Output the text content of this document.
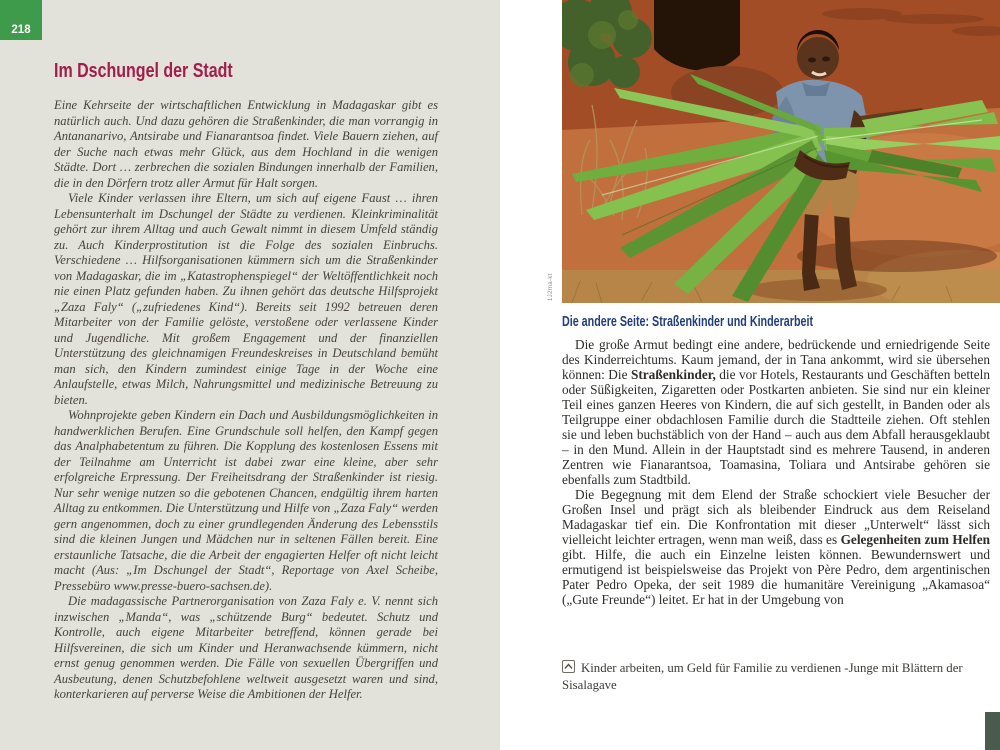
218
Im Dschungel der Stadt

Eine Kehrseite der wirtschaftlichen Entwicklung in Madagaskar gibt es natürlich auch. Und dazu gehören die Straßenkinder, die man vorrangig in Antananarivo, Antsirabe und Fianarantsoa findet. Viele Bauern ziehen, auf der Suche nach etwas mehr Glück, aus dem Hochland in die wenigen Städte. Dort … zerbrechen die sozialen Bindungen innerhalb der Familien, die in den Dörfern trotz aller Armut für Halt sorgen.

Viele Kinder verlassen ihre Eltern, um sich auf eigene Faust … ihren Lebensunterhalt im Dschungel der Städte zu verdienen. Kleinkriminalität gehört zur ihrem Alltag und auch Gewalt nimmt in diesem Umfeld ständig zu. Auch Kinderprostitution ist die Folge des sozialen Einbruchs. Verschiedene … Hilfsorganisationen kümmern sich um die Straßenkinder von Madagaskar, die im „Katastrophenspiegel“ der Weltöffentlichkeit noch nie einen Platz gefunden haben. Zu ihnen gehört das deutsche Hilfsprojekt „Zaza Faly“ („zufriedenes Kind“). Bereits seit 1992 betreuen deren Mitarbeiter von der Familie gelöste, verstoßene oder verlassene Kinder und Jugendliche. Mit großem Engagement und der finanziellen Unterstützung des gleichnamigen Freundeskreises in Deutschland bemüht man sich, den Kindern zumindest einige Tage in der Woche eine Anlaufstelle, etwas Milch, Nahrungsmittel und medizinische Betreuung zu bieten.

Wohnprojekte geben Kindern ein Dach und Ausbildungsmöglichkeiten in handwerklichen Berufen. Eine Grundschule soll helfen, den Kampf gegen das Analphabetentum zu führen. Die Kopplung des kostenlosen Essens mit der Teilnahme am Unterricht ist dabei zwar eine kleine, aber sehr erfolgreiche Erpressung. Der Freiheitsdrang der Straßenkinder ist riesig. Nur sehr wenige nutzen so die gebotenen Chancen, endgültig ihrem harten Alltag zu entkommen. Die Unterstützung und Hilfe von „Zaza Faly“ werden gern angenommen, doch zu einer grundlegenden Änderung des Lebensstils sind die kleinen Jungen und Mädchen nur in seltenen Fällen bereit. Eine erstaunliche Tatsache, die die Arbeit der engagierten Helfer oft nicht leicht macht (Aus: „Im Dschungel der Stadt“, Reportage von Axel Scheibe, Pressebüro www.presse-buero-sachsen.de).

Die madagassische Partnerorganisation von Zaza Faly e. V. nennt sich inzwischen „Manda“, was „schützende Burg“ bedeutet. Schutz und Kontrolle, auch eigene Mitarbeiter betreffend, können gerade bei Hilfsvereinen, die sich um Kinder und Heranwachsende kümmern, nicht ernst genug genommen werden. Die Fälle von sexuellen Übergriffen und Ausbeutung, denen Schutzbefohlene weltweit ausgesetzt waren und sind, konterkarieren auf perverse Weise die Ambitionen der Helfer.

1J2ma-kt
Die andere Seite: Straßenkinder und Kinderarbeit

Die große Armut bedingt eine andere, bedrückende und erniedrigende Seite des Kinderreichtums. Kaum jemand, der in Tana ankommt, wird sie übersehen können: Die Straßenkinder, die vor Hotels, Restaurants und Geschäften betteln oder Süßigkeiten, Zigaretten oder Postkarten anbieten. Sie sind nur ein kleiner Teil eines ganzen Heeres von Kindern, die auf sich gestellt, in Banden oder als Teilgruppe einer obdachlosen Familie durch die Stadtteile ziehen. Oft stehlen sie und leben buchstäblich von der Hand – auch aus dem Abfall herausgeklaubt – in den Mund. Allein in der Hauptstadt sind es mehrere Tausend, in anderen Zentren wie Fianarantsoa, Toamasina, Toliara und Antsirabe gehören sie ebenfalls zum Stadtbild.

Die Begegnung mit dem Elend der Straße schockiert viele Besucher der Großen Insel und prägt sich als bleibender Eindruck aus dem Reiseland Madagaskar tief ein. Die Konfrontation mit dieser „Unterwelt“ lässt sich vielleicht leichter ertragen, wenn man weiß, dass es Gelegenheiten zum Helfen gibt. Hilfe, die auch ein Einzelne leisten können. Bewundernswert und ermutigend ist beispielsweise das Projekt von Père Pedro, dem argentinischen Pater Pedro Opeka, der seit 1989 die humanitäre Vereinigung „Akamasoa“ („Gute Freunde“) leitet. Er hat in der Umgebung von

Kinder arbeiten, um Geld für Familie zu verdienen -Junge mit Blättern der Sisalagave
